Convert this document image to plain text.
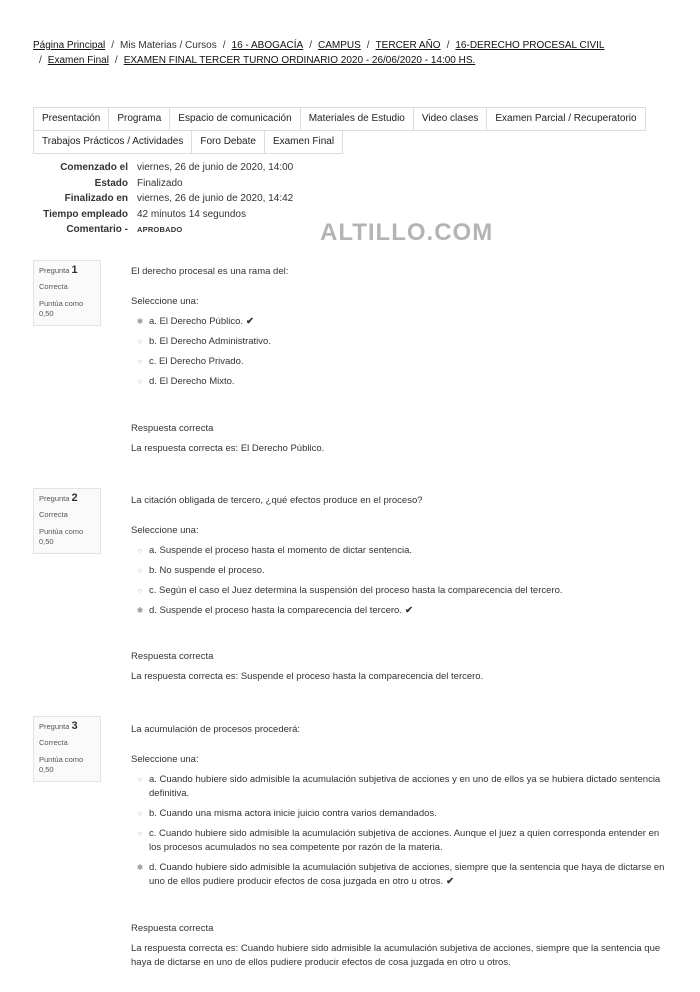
Página Principal / Mis Materias / Cursos / 16 - ABOGACÍA / CAMPUS / TERCER AÑO / 16-DERECHO PROCESAL CIVIL
/ Examen Final / EXAMEN FINAL TERCER TURNO ORDINARIO 2020 - 26/06/2020 - 14:00 HS.
Presentación	Programa	Espacio de comunicación	Materiales de Estudio	Video clases	Examen Parcial / Recuperatorio
Trabajos Prácticos / Actividades	Foro Debate	Examen Final
Comenzado el viernes, 26 de junio de 2020, 14:00
Estado Finalizado
Finalizado en viernes, 26 de junio de 2020, 14:42
Tiempo empleado 42 minutos 14 segundos
Comentario -	APROBADO	ALTILLO.COM
Pregunta 1
Correcta
Puntúa como 0,50
El derecho procesal es una rama del:
Seleccione una:
✱ a. El Derecho Público. ✔
○ b. El Derecho Administrativo.
○ c. El Derecho Privado.
○ d. El Derecho Mixto.
Respuesta correcta
La respuesta correcta es: El Derecho Público.
Pregunta 2
Correcta
Puntúa como 0,50
La citación obligada de tercero, ¿qué efectos produce en el proceso?
Seleccione una:
○ a. Suspende el proceso hasta el momento de dictar sentencia.
○ b. No suspende el proceso.
○ c. Según el caso el Juez determina la suspensión del proceso hasta la comparecencia del tercero.
✱ d. Suspende el proceso hasta la comparecencia del tercero. ✔
Respuesta correcta
La respuesta correcta es: Suspende el proceso hasta la comparecencia del tercero.
Pregunta 3
Correcta
Puntúa como 0,50
La acumulación de procesos procederá:
Seleccione una:
○ a. Cuando hubiere sido admisible la acumulación subjetiva de acciones y en uno de ellos ya se hubiera dictado sentencia definitiva.
○ b. Cuando una misma actora inicie juicio contra varios demandados.
○ c. Cuando hubiere sido admisible la acumulación subjetiva de acciones. Aunque el juez a quien corresponda entender en los procesos acumulados no sea competente por razón de la materia.
✱ d. Cuando hubiere sido admisible la acumulación subjetiva de acciones, siempre que la sentencia que haya de dictarse en uno de ellos pudiere producir efectos de cosa juzgada en otro u otros. ✔
Respuesta correcta
La respuesta correcta es: Cuando hubiere sido admisible la acumulación subjetiva de acciones, siempre que la sentencia que haya de dictarse en uno de ellos pudiere producir efectos de cosa juzgada en otro u otros.
